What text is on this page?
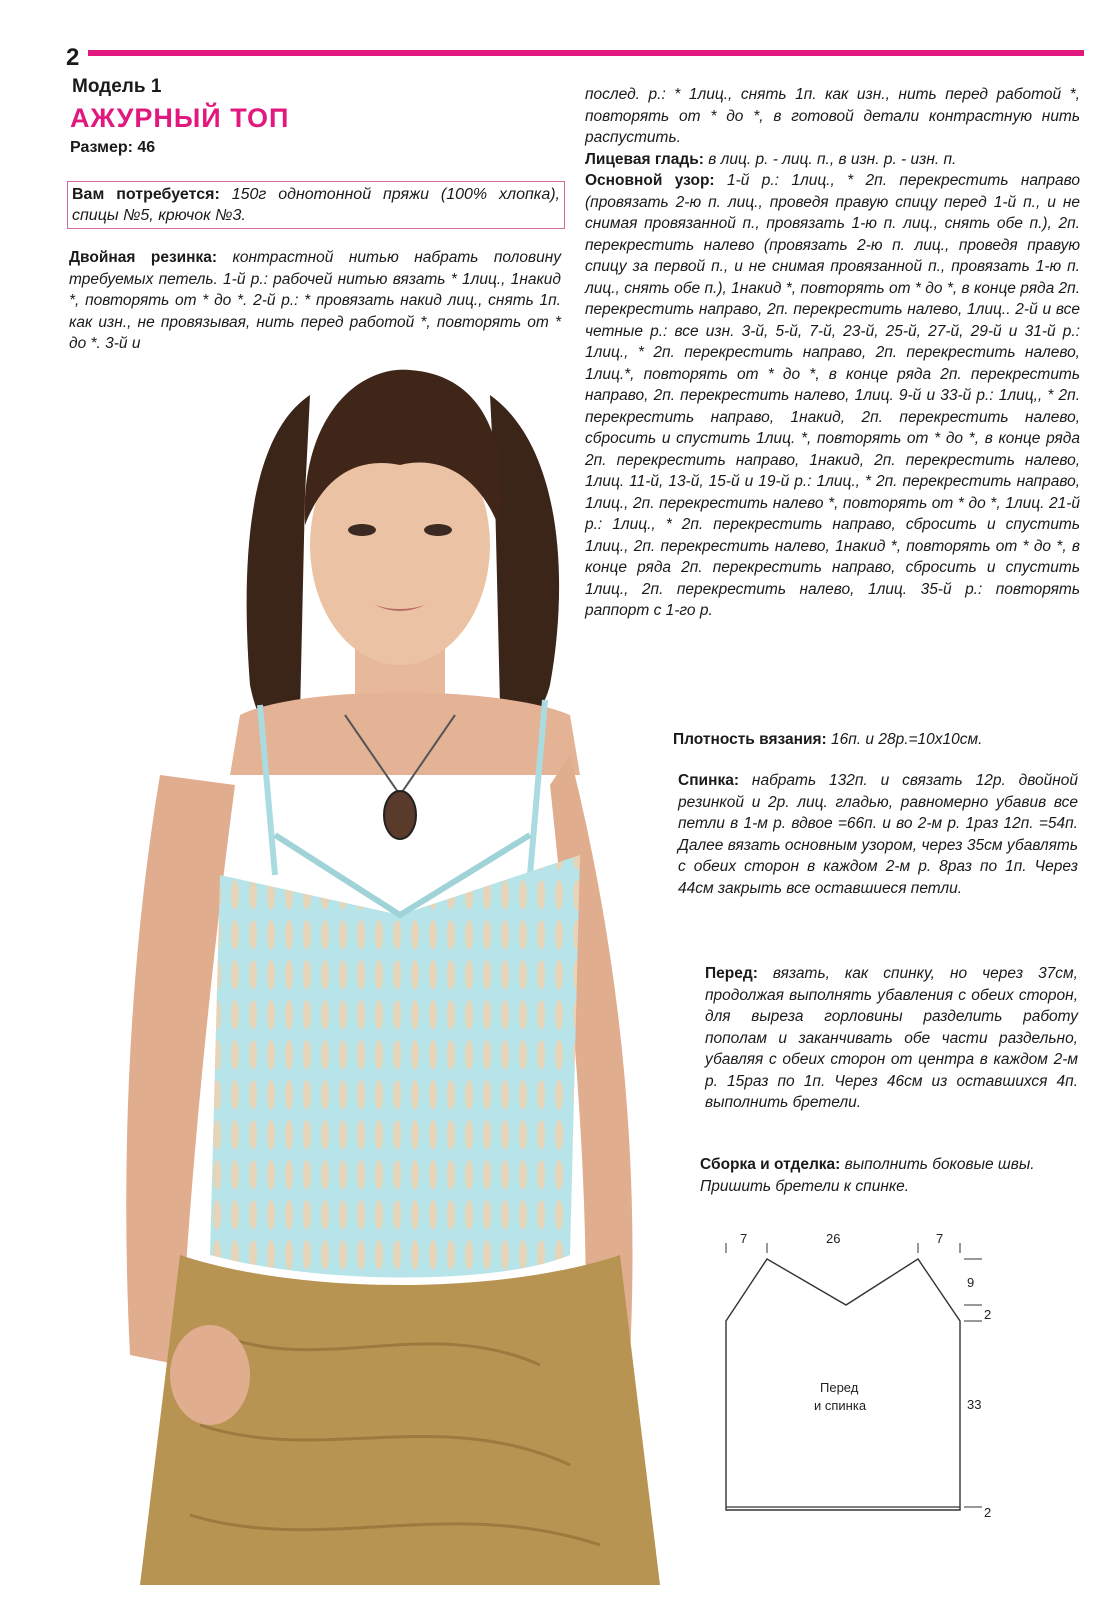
2
Модель 1
АЖУРНЫЙ ТОП
Размер: 46
Вам потребуется: 150г однотонной пряжи (100% хлопка), спицы №5, крючок №3.
Двойная резинка: контрастной нитью набрать половину требуемых петель. 1-й р.: рабочей нитью вязать * 1лиц., 1накид *, повторять от * до *. 2-й р.: * провязать накид лиц., снять 1п. как изн., не провязывая, нить перед работой *, повторять от * до *. 3-й и
послед. р.: * 1лиц., снять 1п. как изн., нить перед работой *, повторять от * до *, в готовой детали контрастную нить распустить.
Лицевая гладь: в лиц. р. - лиц. п., в изн. р. - изн. п.
Основной узор: 1-й р.: 1лиц., * 2п. перекрестить направо (провязать 2-ю п. лиц., проведя правую спицу перед 1-й п., и не снимая провязанной п., провязать 1-ю п. лиц., снять обе п.), 2п. перекрестить налево (провязать 2-ю п. лиц., проведя правую спицу за первой п., и не снимая провязанной п., провязать 1-ю п. лиц., снять обе п.), 1накид *, повторять от * до *, в конце ряда 2п. перекрестить направо, 2п. перекрестить налево, 1лиц.. 2-й и все четные р.: все изн. 3-й, 5-й, 7-й, 23-й, 25-й, 27-й, 29-й и 31-й р.: 1лиц., * 2п. перекрестить направо, 2п. перекрестить налево, 1лиц.*, повторять от * до *, в конце ряда 2п. перекрестить направо, 2п. перекрестить налево, 1лиц. 9-й и 33-й р.: 1лиц,, * 2п. перекрестить направо, 1накид, 2п. перекрестить налево, сбросить и спустить 1лиц. *, повторять от * до *, в конце ряда 2п. перекрестить направо, 1накид, 2п. перекрестить налево, 1лиц. 11-й, 13-й, 15-й и 19-й р.: 1лиц., * 2п. перекрестить направо, 1лиц., 2п. перекрестить налево *, повторять от * до *, 1лиц. 21-й р.: 1лиц., * 2п. перекрестить направо, сбросить и спустить 1лиц., 2п. перекрестить налево, 1накид *, повторять от * до *, в конце ряда 2п. перекрестить направо, сбросить и спустить 1лиц., 2п. перекрестить налево, 1лиц. 35-й р.: повторять раппорт с 1-го р.
Плотность вязания: 16п. и 28р.=10x10см.
Спинка: набрать 132п. и связать 12р. двойной резинкой и 2р. лиц. гладью, равномерно убавив все петли в 1-м р. вдвое =66п. и во 2-м р. 1раз 12п. =54п. Далее вязать основным узором, через 35см убавлять с обеих сторон в каждом 2-м р. 8раз по 1п. Через 44см закрыть все оставшиеся петли.
Перед: вязать, как спинку, но через 37см, продолжая выполнять убавления с обеих сторон, для выреза горловины разделить работу пополам и заканчивать обе части раздельно, убавляя с обеих сторон от центра в каждом 2-м р. 15раз по 1п. Через 46см из оставшихся 4п. выполнить бретели.
Сборка и отделка: выполнить боковые швы. Пришить бретели к спинке.
7	26	7
9
2
33
2
Перед
и спинка
